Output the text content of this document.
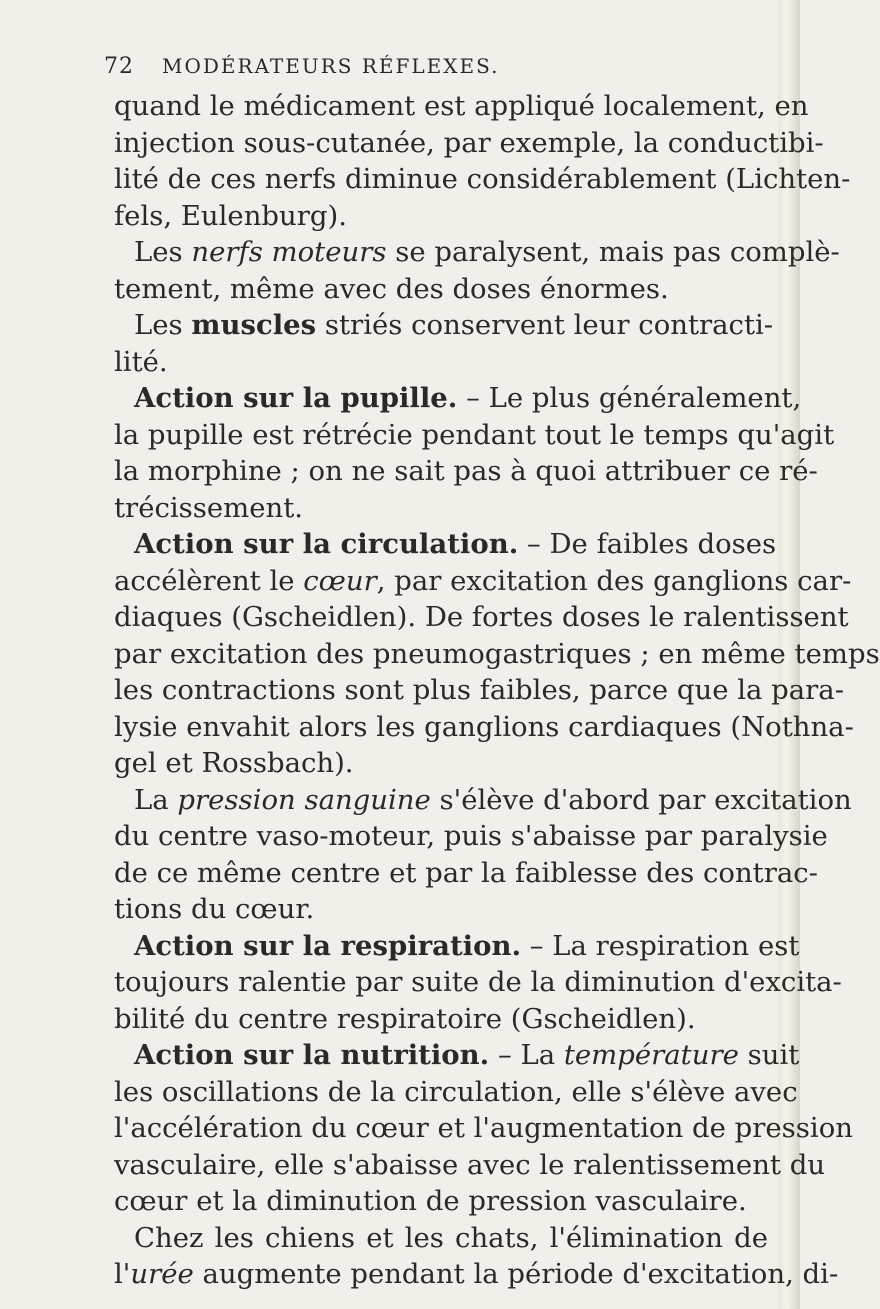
72 MODÉRATEURS RÉFLEXES.
quand le médicament est appliqué localement, en
injection sous-cutanée, par exemple, la conductibi-
lité de ces nerfs diminue considérablement (Lichten-
fels, Eulenburg).
Les nerfs moteurs se paralysent, mais pas complè-
tement, même avec des doses énormes.
Les muscles striés conservent leur contracti-
lité.
Action sur la pupille. – Le plus généralement,
la pupille est rétrécie pendant tout le temps qu'agit
la morphine ; on ne sait pas à quoi attribuer ce ré-
trécissement.
Action sur la circulation. – De faibles doses
accélèrent le cœur, par excitation des ganglions car-
diaques (Gscheidlen). De fortes doses le ralentissent
par excitation des pneumogastriques ; en même temps
les contractions sont plus faibles, parce que la para-
lysie envahit alors les ganglions cardiaques (Nothna-
gel et Rossbach).
La pression sanguine s'élève d'abord par excitation
du centre vaso-moteur, puis s'abaisse par paralysie
de ce même centre et par la faiblesse des contrac-
tions du cœur.
Action sur la respiration. – La respiration est
toujours ralentie par suite de la diminution d'excita-
bilité du centre respiratoire (Gscheidlen).
Action sur la nutrition. – La température suit
les oscillations de la circulation, elle s'élève avec
l'accélération du cœur et l'augmentation de pression
vasculaire, elle s'abaisse avec le ralentissement du
cœur et la diminution de pression vasculaire.
Chez les chiens et les chats, l'élimination de
l'urée augmente pendant la période d'excitation, di-
